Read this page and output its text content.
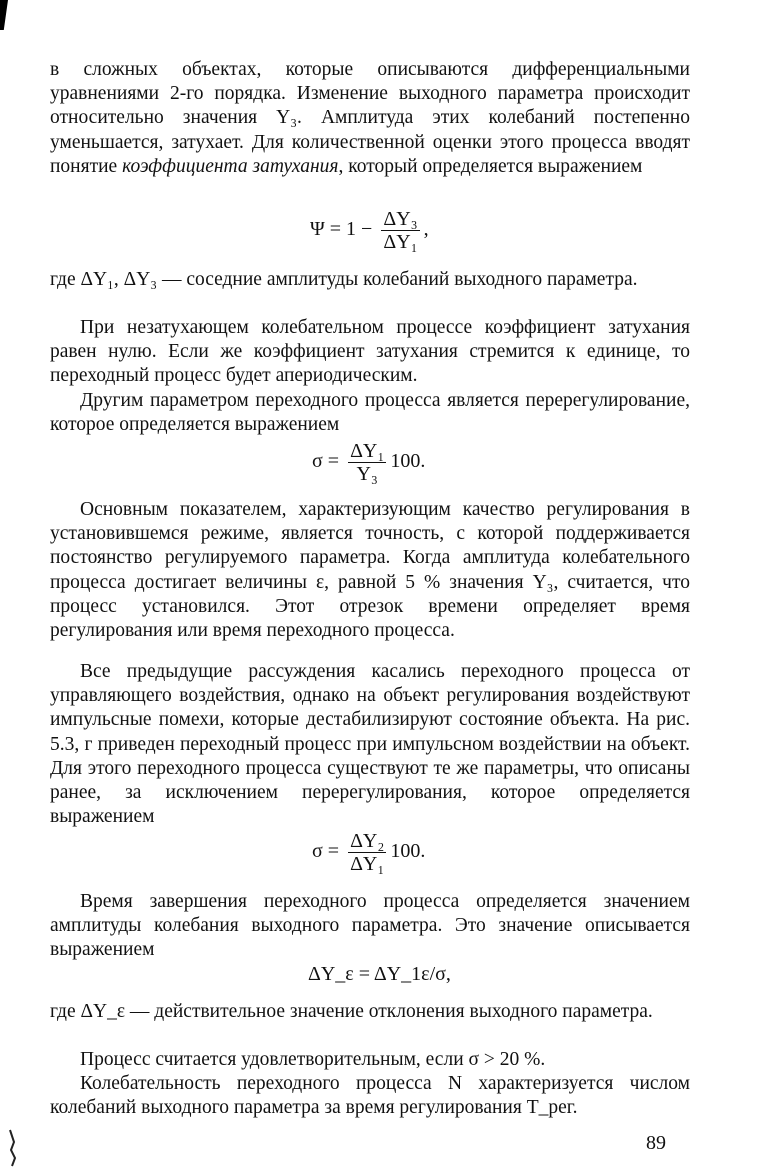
в сложных объектах, которые описываются дифференциальными уравнениями 2-го порядка. Изменение выходного параметра происходит относительно значения Y₃. Амплитуда этих колебаний постепенно уменьшается, затухает. Для количественной оценки этого процесса вводят понятие коэффициента затухания, который определяется выражением

$\Psi = 1 - \frac{\text{ΔY₃}}{\text{ΔY₁}}$ ,

где ΔY₁, ΔY₃ — соседние амплитуды колебаний выходного параметра.

При незатухающем колебательном процессе коэффициент затухания равен нулю. Если же коэффициент затухания стремится к единице, то переходный процесс будет апериодическим.

Другим параметром переходного процесса является перерегулирование, которое определяется выражением

$\sigma = \frac{\text{ΔY₁}}{\text{Y₃}} 100$.

Основным показателем, характеризующим качество регулирования в установившемся режиме, является точность, с которой поддерживается постоянство регулируемого параметра. Когда амплитуда колебательного процесса достигает величины ε, равной 5 % значения Y₃, считается, что процесс установился. Этот отрезок времени определяет время регулирования или время переходного процесса.

Все предыдущие рассуждения касались переходного процесса от управляющего воздействия, однако на объект регулирования воздействуют импульсные помехи, которые дестабилизируют состояние объекта. На рис. 5.3, г приведен переходный процесс при импульсном воздействии на объект. Для этого переходного процесса существуют те же параметры, что описаны ранее, за исключением перерегулирования, которое определяется выражением

$\sigma = \frac{\text{ΔY₂}}{\text{ΔY₁}} 100$.

Время завершения переходного процесса определяется значением амплитуды колебания выходного параметра. Это значение описывается выражением

ΔY_ε = ΔY_1ε/σ,

где ΔY_ε — действительное значение отклонения выходного параметра.

Процесс считается удовлетворительным, если σ > 20 %.

Колебательность переходного процесса N характеризуется числом колебаний выходного параметра за время регулирования T_рег.

89
